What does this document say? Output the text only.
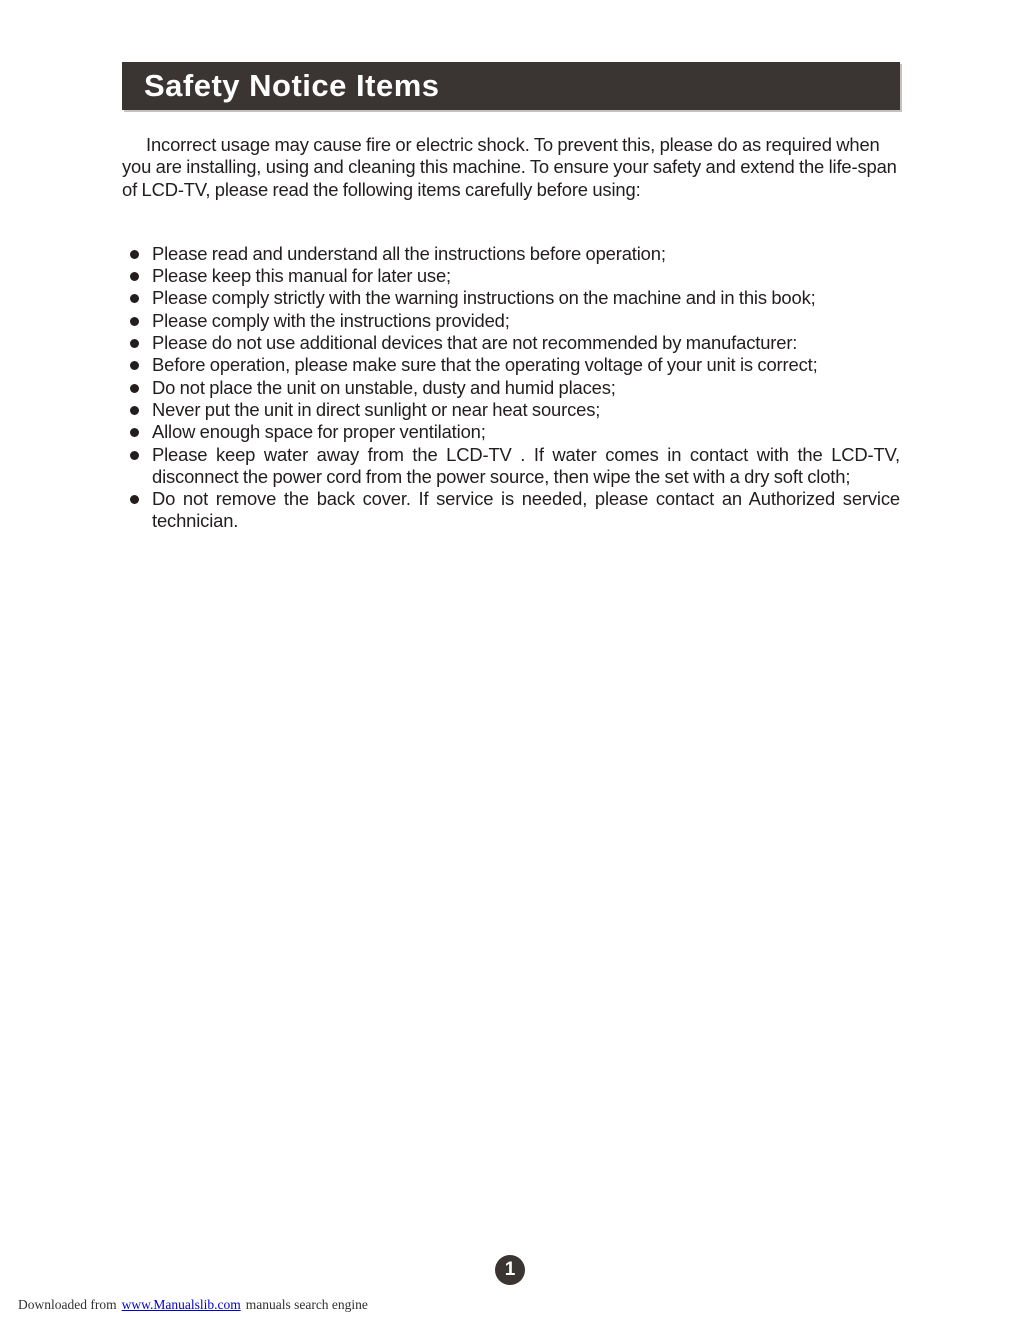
Safety Notice Items

Incorrect usage may cause fire or electric shock. To prevent this, please do as required when you are installing, using and cleaning this machine. To ensure your safety and extend the life-span of LCD-TV, please read the following items carefully before using:

Please read and understand all the instructions before operation;
Please keep this manual for later use;
Please comply strictly with the warning instructions on the machine and in this book;
Please comply with the instructions provided;
Please do not use additional devices that are not recommended by manufacturer:
Before operation, please make sure that the operating voltage of your unit is correct;
Do not place the unit on unstable, dusty and humid places;
Never put the unit in direct sunlight or near heat sources;
Allow enough space for proper ventilation;
Please keep water away from the LCD-TV . If water comes in contact with the LCD-TV, disconnect the power cord from the power source, then wipe the set with a dry soft cloth;
Do not remove the back cover. If service is needed, please contact an Authorized service technician.
1
Downloaded from www.Manualslib.com manuals search engine
